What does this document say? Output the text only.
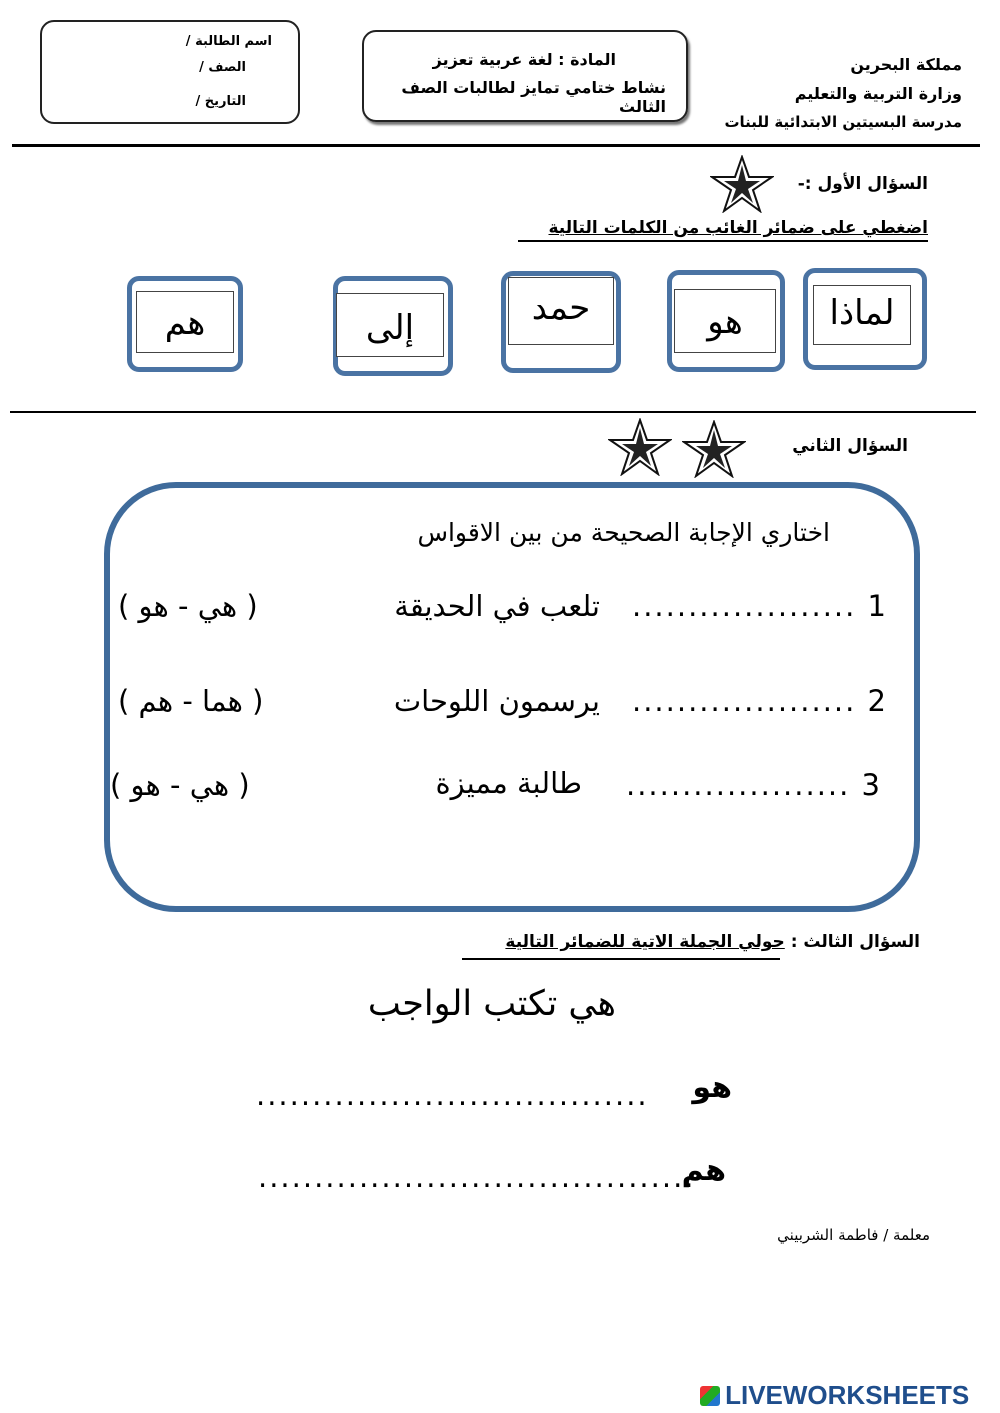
مملكة البحرين
وزارة التربية والتعليم
مدرسة البسيتين الابتدائية للبنات
المادة : لغة عربية تعزيز
نشاط ختامي تمايز لطالبات الصف الثالث
اسم الطالبة /
الصف /
التاريخ /
السؤال الأول :-
اضغطي على ضمائر الغائب من الكلمات التالية
لماذا
هو
حمد
إلى
هم
السؤال الثاني
اختاري الإجابة الصحيحة من بين الاقواس
1
....................
تلعب في الحديقة
( هي - هو )
2
....................
يرسمون اللوحات
( هما - هم )
3
....................
طالبة مميزة
( هي - هو )
السؤال الثالث : حولي الجملة الاتية للضمائر التالية
هي تكتب الواجب
هو
...................................
هم
.......................................
معلمة / فاطمة الشربيني
LIVEWORKSHEETS
